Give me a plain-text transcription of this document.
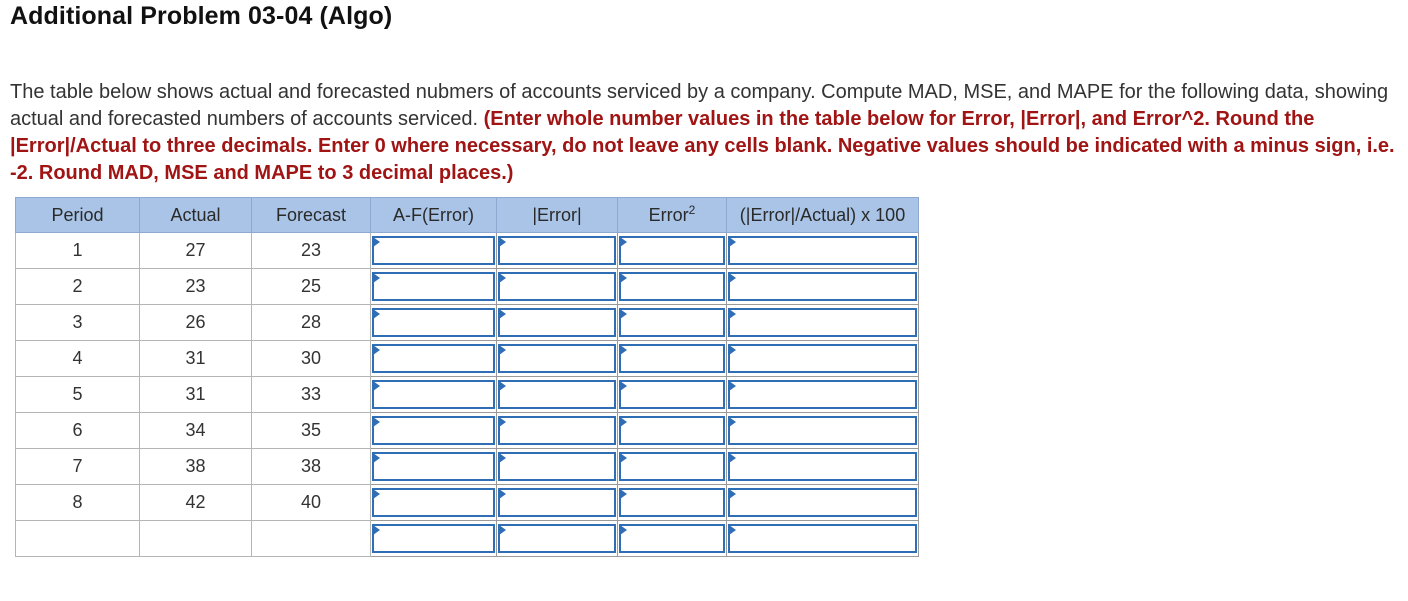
Additional Problem 03-04 (Algo)

The table below shows actual and forecasted nubmers of accounts serviced by a company. Compute MAD, MSE, and MAPE for the following data, showing actual and forecasted numbers of accounts serviced. (Enter whole number values in the table below for Error, |Error|, and Error^2. Round the |Error|/Actual to three decimals. Enter 0 where necessary, do not leave any cells blank. Negative values should be indicated with a minus sign, i.e. -2. Round MAD, MSE and MAPE to 3 decimal places.)

Period	Actual	Forecast	A-F(Error)	|Error|	Error$^2$	(|Error|/Actual) x 100
1	27	23	

2	23	25	

3	26	28	

4	31	30	

5	31	33	

6	34	35	

7	38	38	

8	42	40	
